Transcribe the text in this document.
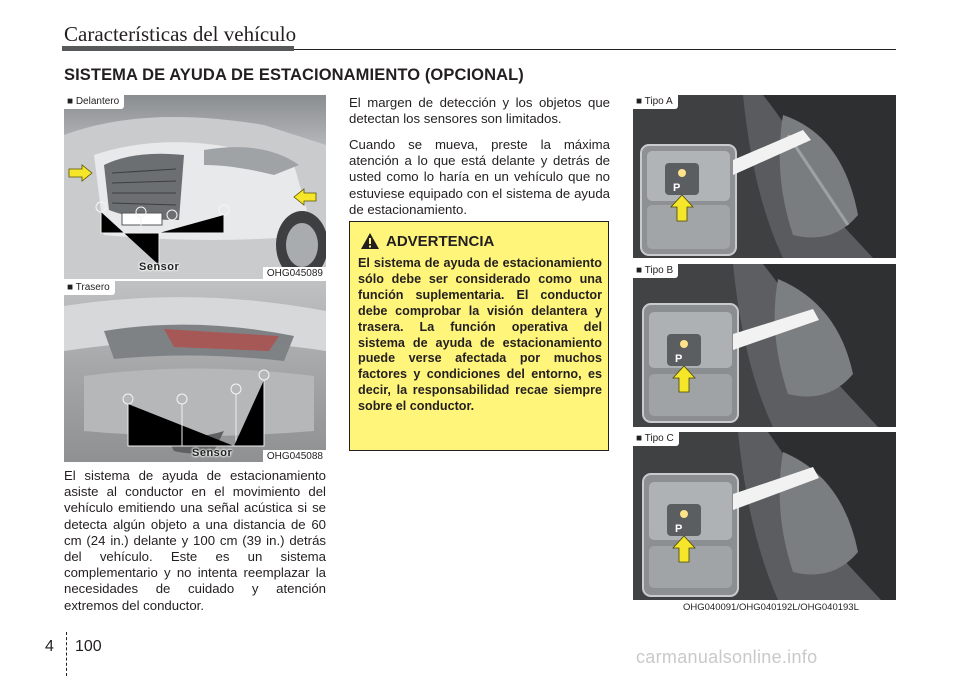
Características del vehículo
SISTEMA DE AYUDA DE ESTACIONAMIENTO (OPCIONAL)
■ Delantero
Sensor
OHG045089
■ Trasero
Sensor	OHG045088

El sistema de ayuda de estacionamiento asiste al conductor en el movimiento del vehículo emitiendo una señal acústica si se detecta algún objeto a una distancia de 60 cm (24 in.) delante y 100 cm (39 in.) detrás del vehículo. Este es un sistema complementario y no intenta reemplazar la necesidades de cuidado y atención extremos del conductor.

El margen de detección y los objetos que detectan los sensores son limitados.

Cuando se mueva, preste la máxima atención a lo que está delante y detrás de usted como lo haría en un vehículo que no estuviese equipado con el sistema de ayuda de estacionamiento.

ADVERTENCIA

El sistema de ayuda de estacionamiento sólo debe ser considerado como una función suplementaria. El conductor debe comprobar la visión delantera y trasera. La función operativa del sistema de ayuda de estacionamiento puede verse afectada por muchos factores y condiciones del entorno, es decir, la responsabilidad recae siempre sobre el conductor.

P
■ Tipo A
P
■ Tipo B
P
■ Tipo C
OHG040091/OHG040192L/OHG040193L
4 100
carmanualsonline.info
